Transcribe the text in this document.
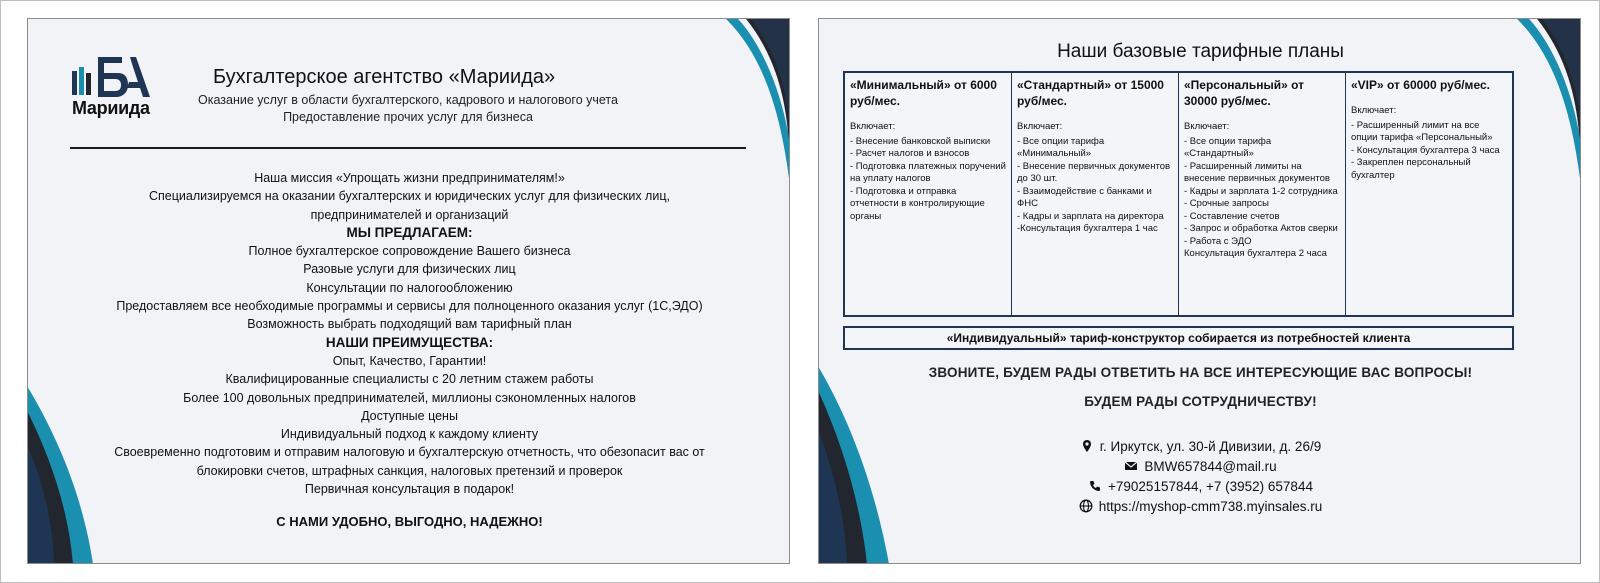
Мариида
Бухгалтерское агентство «Мариида»
Оказание услуг в области бухгалтерского, кадрового и налогового учета
Предоставление прочих услуг для бизнеса
Наша миссия «Упрощать жизни предпринимателям!»
Специализируемся на оказании бухгалтерских и юридических услуг для физических лиц,
предпринимателей и организаций
МЫ ПРЕДЛАГАЕМ:
Полное бухгалтерское сопровождение Вашего бизнеса
Разовые услуги для физических лиц
Консультации по налогообложению
Предоставляем все необходимые программы и сервисы для полноценного оказания услуг (1С,ЭДО)
Возможность выбрать подходящий вам тарифный план
НАШИ ПРЕИМУЩЕСТВА:
Опыт, Качество, Гарантии!
Квалифицированные специалисты с 20 летним стажем работы
Более 100 довольных предпринимателей, миллионы сэкономленных налогов
Доступные цены
Индивидуальный подход к каждому клиенту
Своевременно подготовим и отправим налоговую и бухгалтерскую отчетность, что обезопасит вас от
блокировки счетов, штрафных санкция, налоговых претензий и проверок
Первичная консультация в подарок!
С НАМИ УДОБНО, ВЫГОДНО, НАДЕЖНО!
Наши базовые тарифные планы
«Минимальный» от 6000 руб/мес.
Включает:
- Внесение банковской выписки
- Расчет налогов и взносов
- Подготовка платежных поручений на уплату налогов
- Подготовка и отправка отчетности в контролирующие органы
«Стандартный» от 15000 руб/мес.
Включает:
- Все опции тарифа «Минимальный»
- Внесение первичных документов до 30 шт.
- Взаимодействие с банками и ФНС
- Кадры и зарплата на директора
-Консультация бухгалтера 1 час
«Персональный» от 30000 руб/мес.
Включает:
- Все опции тарифа «Стандартный»
- Расширенный лимиты на внесение первичных документов
- Кадры и зарплата 1-2 сотрудника
- Срочные запросы
- Составление счетов
- Запрос и обработка Актов сверки
- Работа с ЭДО
Консультация бухгалтера 2 часа
«VIP» от 60000 руб/мес.
Включает:
- Расширенный лимит на все опции тарифа «Персональный»
- Консультация бухгалтера 3 часа
- Закреплен персональный бухгалтер
«Индивидуальный» тариф-конструктор собирается из потребностей клиента
ЗВОНИТЕ, БУДЕМ РАДЫ ОТВЕТИТЬ НА ВСЕ ИНТЕРЕСУЮЩИЕ ВАС ВОПРОСЫ!
БУДЕМ РАДЫ СОТРУДНИЧЕСТВУ!
г. Иркутск, ул. 30-й Дивизии, д. 26/9
BMW657844@mail.ru
+79025157844, +7 (3952) 657844
https://myshop-cmm738.myinsales.ru
